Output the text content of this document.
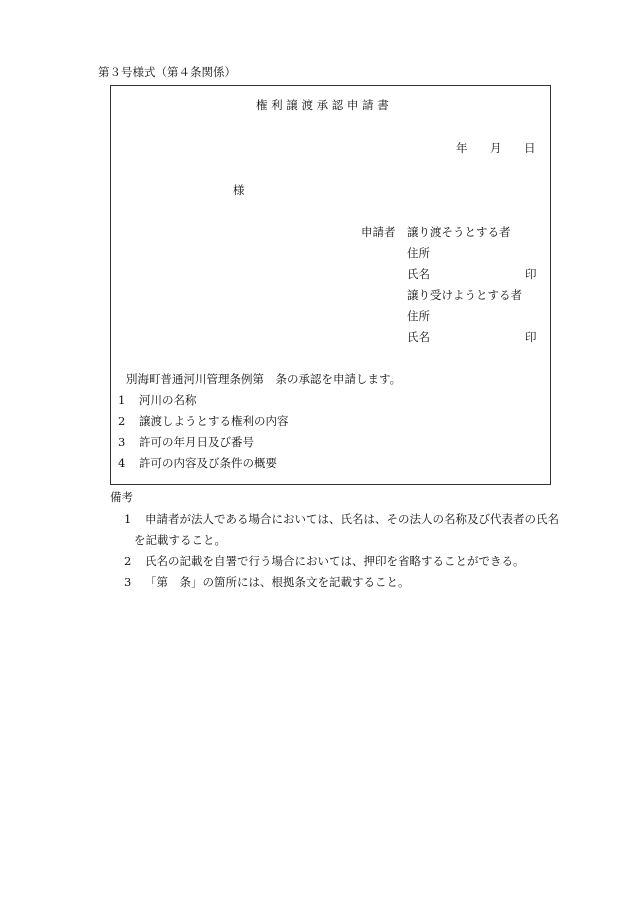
第３号様式（第４条関係）
権 利 譲 渡 承 認 申 請 書
年 月 日
様
申請者 譲り渡そうとする者
住所
氏名	印
譲り受けようとする者
住所
氏名	印
別海町普通河川管理条例第　条の承認を申請します。
1 河川の名称
2 譲渡しようとする権利の内容
3 許可の年月日及び番号
4 許可の内容及び条件の概要
備考
1 申請者が法人である場合においては、氏名は、その法人の名称及び代表者の氏名
を記載すること。
2 氏名の記載を自署で行う場合においては、押印を省略することができる。
3 「第　条」の箇所には、根拠条文を記載すること。
